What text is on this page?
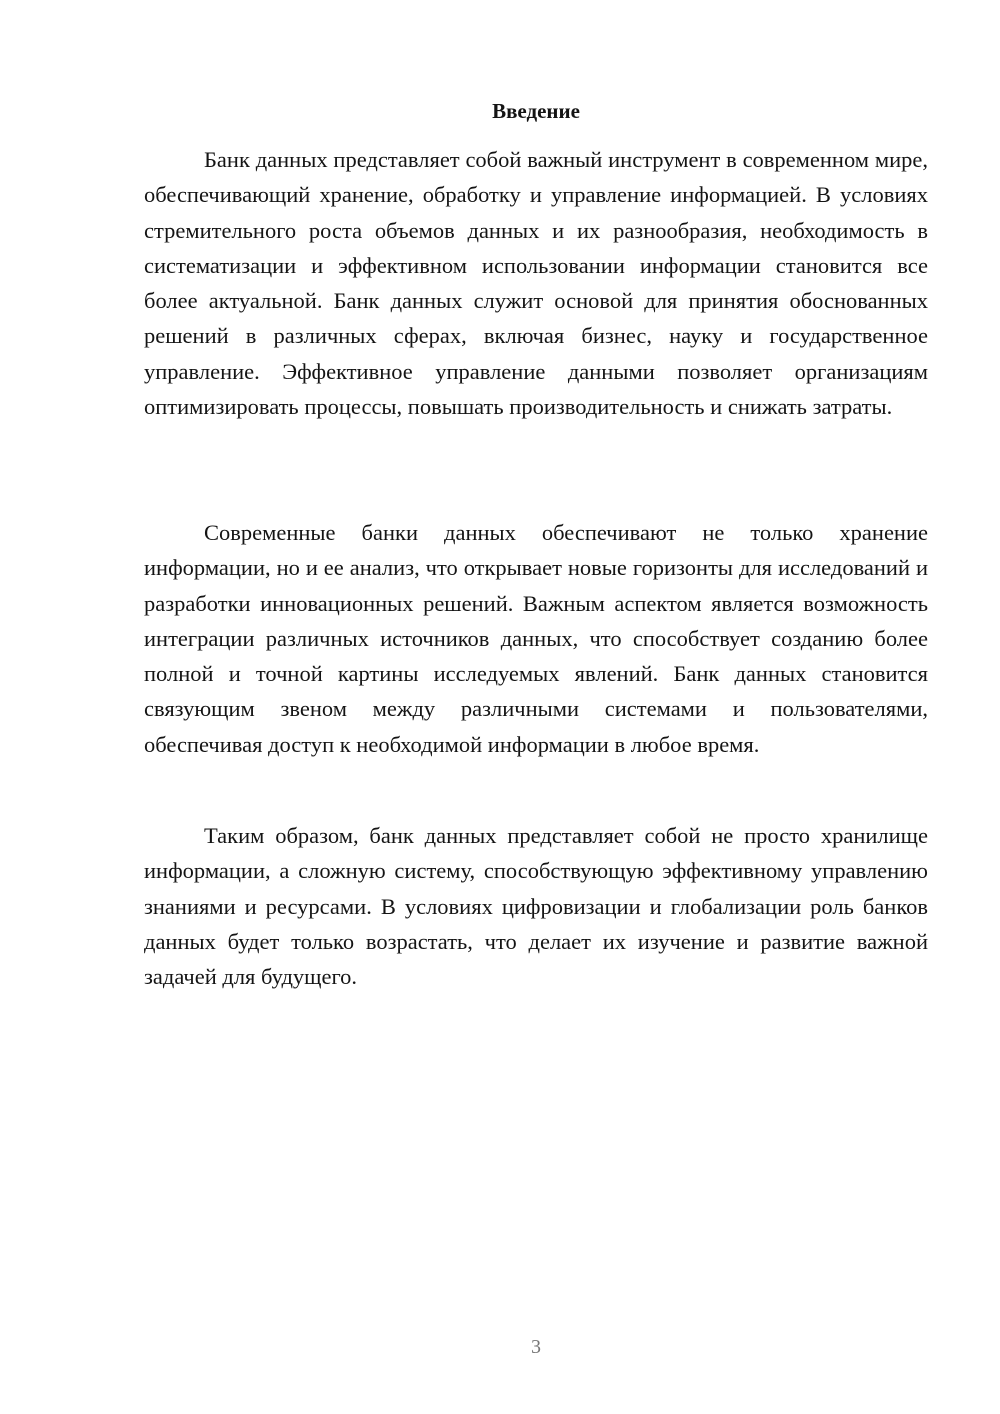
Введение

Банк данных представляет собой важный инструмент в современном мире, обеспечивающий хранение, обработку и управление информацией. В условиях стремительного роста объемов данных и их разнообразия, необходимость в систематизации и эффективном использовании информации становится все более актуальной. Банк данных служит основой для принятия обоснованных решений в различных сферах, включая бизнес, науку и государственное управление. Эффективное управление данными позволяет организациям оптимизировать процессы, повышать производительность и снижать затраты.

Современные банки данных обеспечивают не только хранение информации, но и ее анализ, что открывает новые горизонты для исследований и разработки инновационных решений. Важным аспектом является возможность интеграции различных источников данных, что способствует созданию более полной и точной картины исследуемых явлений. Банк данных становится связующим звеном между различными системами и пользователями, обеспечивая доступ к необходимой информации в любое время.

Таким образом, банк данных представляет собой не просто хранилище информации, а сложную систему, способствующую эффективному управлению знаниями и ресурсами. В условиях цифровизации и глобализации роль банков данных будет только возрастать, что делает их изучение и развитие важной задачей для будущего.

3
